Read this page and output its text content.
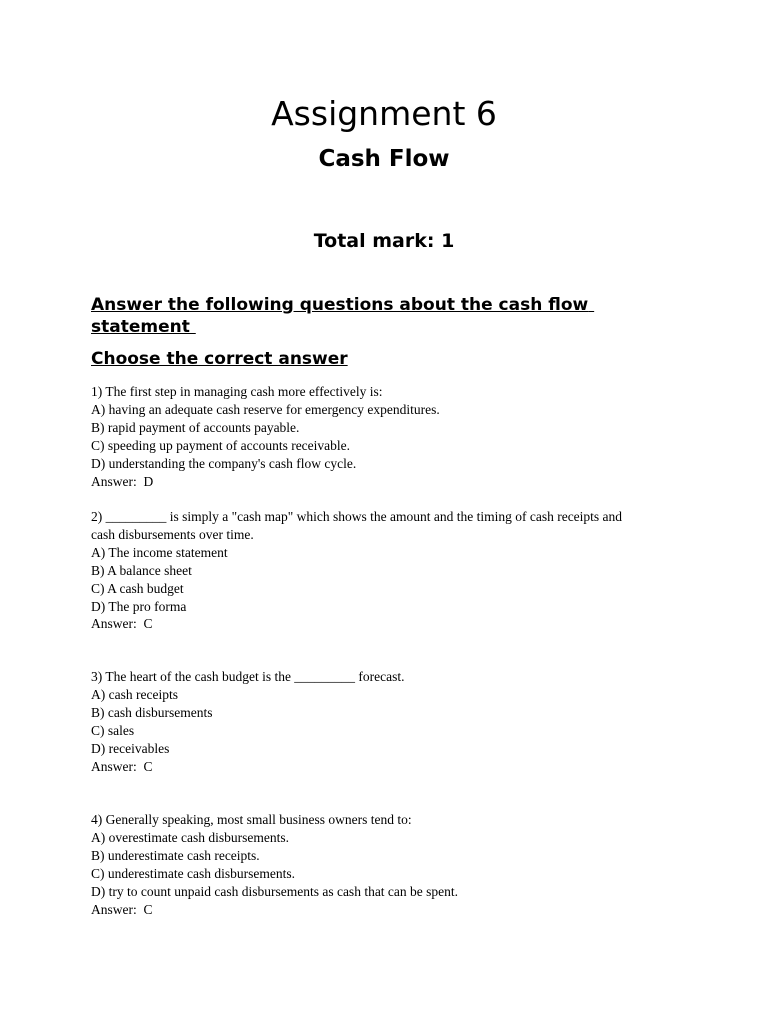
Assignment 6
Cash Flow
Total mark: 1
Answer the following questions about the cash flow statement
Choose the correct answer
1) The first step in managing cash more effectively is:
A) having an adequate cash reserve for emergency expenditures.
B) rapid payment of accounts payable.
C) speeding up payment of accounts receivable.
D) understanding the company's cash flow cycle.
Answer:  D
2) _________ is simply a "cash map" which shows the amount and the timing of cash receipts and
cash disbursements over time.
A) The income statement
B) A balance sheet
C) A cash budget
D) The pro forma
Answer:  C
3) The heart of the cash budget is the _________ forecast.
A) cash receipts
B) cash disbursements
C) sales
D) receivables
Answer:  C
4) Generally speaking, most small business owners tend to:
A) overestimate cash disbursements.
B) underestimate cash receipts.
C) underestimate cash disbursements.
D) try to count unpaid cash disbursements as cash that can be spent.
Answer:  C
